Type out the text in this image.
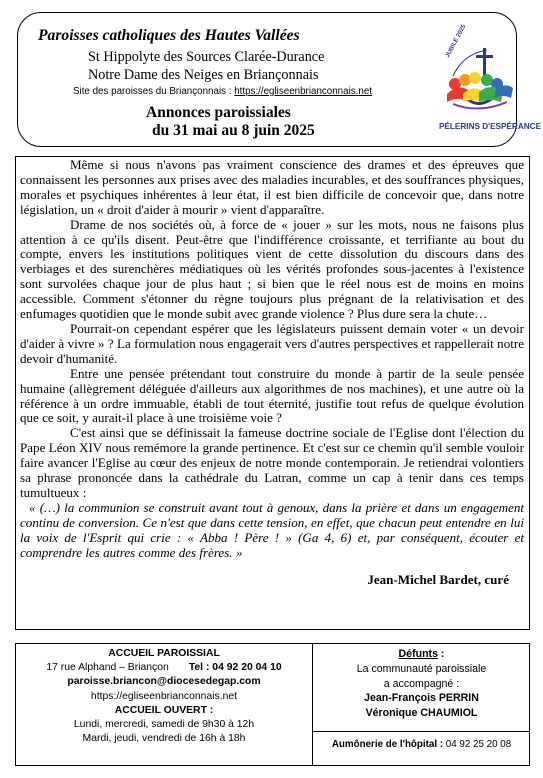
Paroisses catholiques des Hautes Vallées
St Hippolyte des Sources Clarée-Durance
Notre Dame des Neiges en Briançonnais
Site des paroisses du Briançonnais : https://egliseenbrianconnais.net
Annonces paroissiales
du 31 mai au 8 juin 2025
JUBILÉ 2025
PÉLERINS D'ESPÉRANCE

Même si nous n'avons pas vraiment conscience des drames et des épreuves que connaissent les personnes aux prises avec des maladies incurables, et des souffrances physiques, morales et psychiques inhérentes à leur état, il est bien difficile de concevoir que, dans notre législation, un « droit d'aider à mourir » vient d'apparaître.

Drame de nos sociétés où, à force de « jouer » sur les mots, nous ne faisons plus attention à ce qu'ils disent. Peut-être que l'indifférence croissante, et terrifiante au bout du compte, envers les institutions politiques vient de cette dissolution du discours dans des verbiages et des surenchères médiatiques où les vérités profondes sous-jacentes à l'existence sont survolées chaque jour de plus haut ; si bien que le réel nous est de moins en moins accessible. Comment s'étonner du règne toujours plus prégnant de la relativisation et des enfumages quotidien que le monde subit avec grande violence ? Plus dure sera la chute…

Pourrait-on cependant espérer que les législateurs puissent demain voter « un devoir d'aider à vivre » ? La formulation nous engagerait vers d'autres perspectives et rappellerait notre devoir d'humanité.

Entre une pensée prétendant tout construire du monde à partir de la seule pensée humaine (allègrement déléguée d'ailleurs aux algorithmes de nos machines), et une autre où la référence à un ordre immuable, établi de tout éternité, justifie tout refus de quelque évolution que ce soit, y aurait-il place à une troisième voie ?

C'est ainsi que se définissait la fameuse doctrine sociale de l'Eglise dont l'élection du Pape Léon XIV nous remémore la grande pertinence. Et c'est sur ce chemin qu'il semble vouloir faire avancer l'Eglise au cœur des enjeux de notre monde contemporain. Je retiendrai volontiers sa phrase prononcée dans la cathédrale du Latran, comme un cap à tenir dans ces temps tumultueux :

« (…) la communion se construit avant tout à genoux, dans la prière et dans un engagement continu de conversion. Ce n'est que dans cette tension, en effet, que chacun peut entendre en lui la voix de l'Esprit qui crie : « Abba ! Père ! » (Ga 4, 6) et, par conséquent, écouter et comprendre les autres comme des frères. »

Jean-Michel Bardet, curé

ACCUEIL PAROISSIAL
17 rue Alphand – Briançon Tel : 04 92 20 04 10
paroisse.briancon@diocesedegap.com
https://egliseenbrianconnais.net
ACCUEIL OUVERT :
Lundi, mercredi, samedi de 9h30 à 12h
Mardi, jeudi, vendredi de 16h à 18h
Défunts :
La communauté paroissiale
a accompagné :
Jean-François PERRIN
Véronique CHAUMIOL
Aumônerie de l'hôpital : 04 92 25 20 08
